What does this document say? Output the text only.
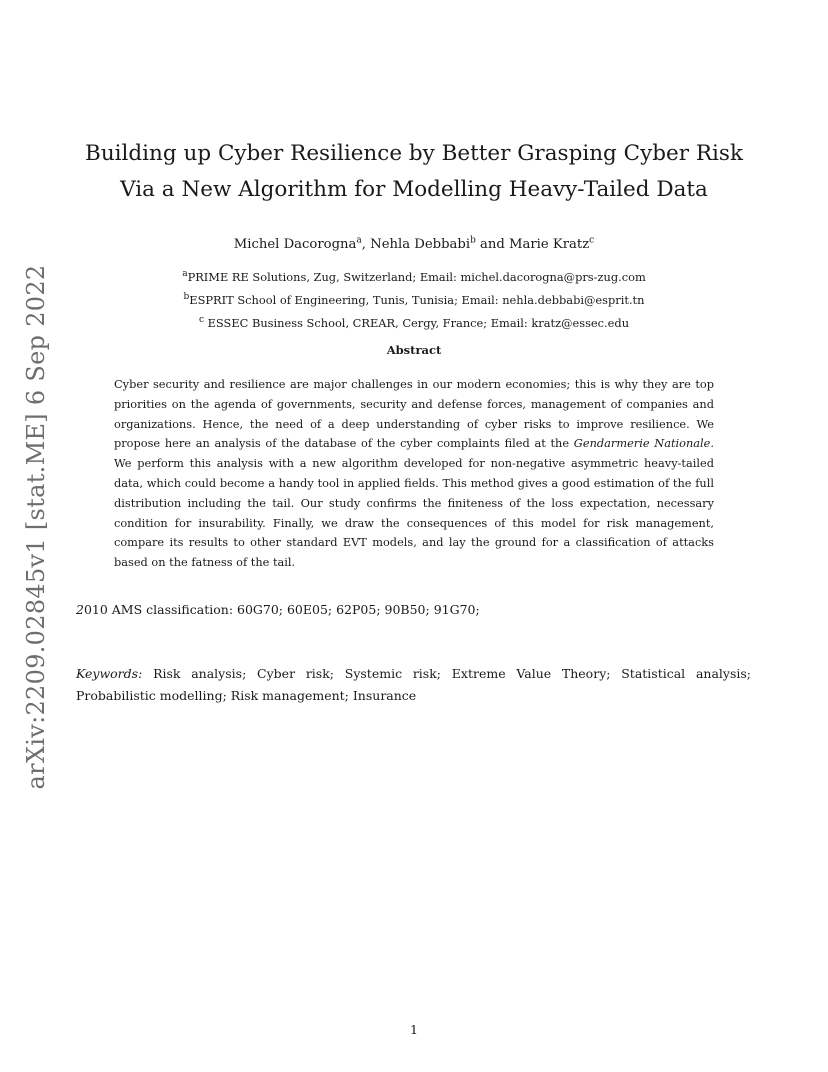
arXiv:2209.02845v1 [stat.ME] 6 Sep 2022
Building up Cyber Resilience by Better Grasping Cyber Risk
Via a New Algorithm for Modelling Heavy-Tailed Data
Michel Dacorogna$^a$, Nehla Debbabi$^b$ and Marie Kratz$^c$
$^a$PRIME RE Solutions, Zug, Switzerland; Email: michel.dacorogna@prs-zug.com
$^b$ESPRIT School of Engineering, Tunis, Tunisia; Email: nehla.debbabi@esprit.tn
$^c$ ESSEC Business School, CREAR, Cergy, France; Email: kratz@essec.edu
Abstract

Cyber security and resilience are major challenges in our modern economies; this is why they are top priorities on the agenda of governments, security and defense forces, management of companies and organizations. Hence, the need of a deep understanding of cyber risks to improve resilience. We propose here an analysis of the database of the cyber complaints filed at the Gendarmerie Nationale. We perform this analysis with a new algorithm developed for non-negative asymmetric heavy-tailed data, which could become a handy tool in applied fields. This method gives a good estimation of the full distribution including the tail. Our study confirms the finiteness of the loss expectation, necessary condition for insurability. Finally, we draw the consequences of this model for risk management, compare its results to other standard EVT models, and lay the ground for a classification of attacks based on the fatness of the tail.

2010 AMS classification: 60G70; 60E05; 62P05; 90B50; 91G70;

Keywords: Risk analysis; Cyber risk; Systemic risk; Extreme Value Theory; Statistical analysis; Probabilistic modelling; Risk management; Insurance

1
